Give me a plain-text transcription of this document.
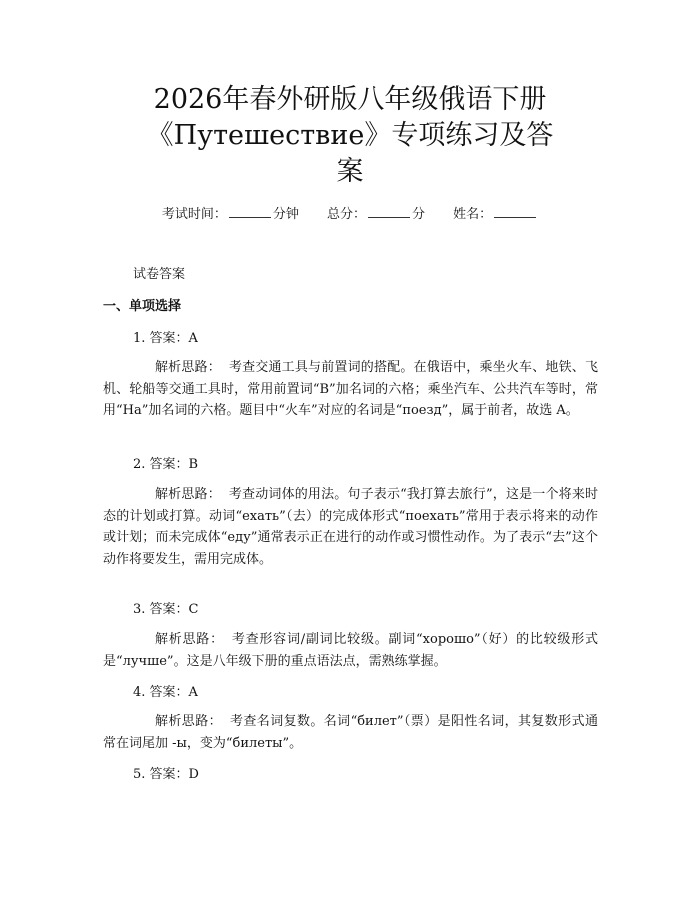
2026年春外研版八年级俄语下册
《Путешествие》专项练习及答
案
考试时间：	分钟 总分：	分 姓名：
试卷答案
一、单项选择
1. 答案：A

解析思路： 考查交通工具与前置词的搭配。在俄语中，乘坐火车、地铁、飞机、轮船等交通工具时，常用前置词“В”加名词的六格；乘坐汽车、公共汽车等时，常用“На”加名词的六格。题目中“火车”对应的名词是“поезд”，属于前者，故选 A。

2. 答案：B

解析思路： 考查动词体的用法。句子表示“我打算去旅行”，这是一个将来时态的计划或打算。动词“ехать”（去）的完成体形式“поехать”常用于表示将来的动作或计划；而未完成体“еду”通常表示正在进行的动作或习惯性动作。为了表示“去”这个动作将要发生，需用完成体。

3. 答案：C

解析思路： 考查形容词/副词比较级。副词“хорошо”（好）的比较级形式是“лучше”。这是八年级下册的重点语法点，需熟练掌握。

4. 答案：A

解析思路： 考查名词复数。名词“билет”（票）是阳性名词，其复数形式通常在词尾加 -ы，变为“билеты”。

5. 答案：D
